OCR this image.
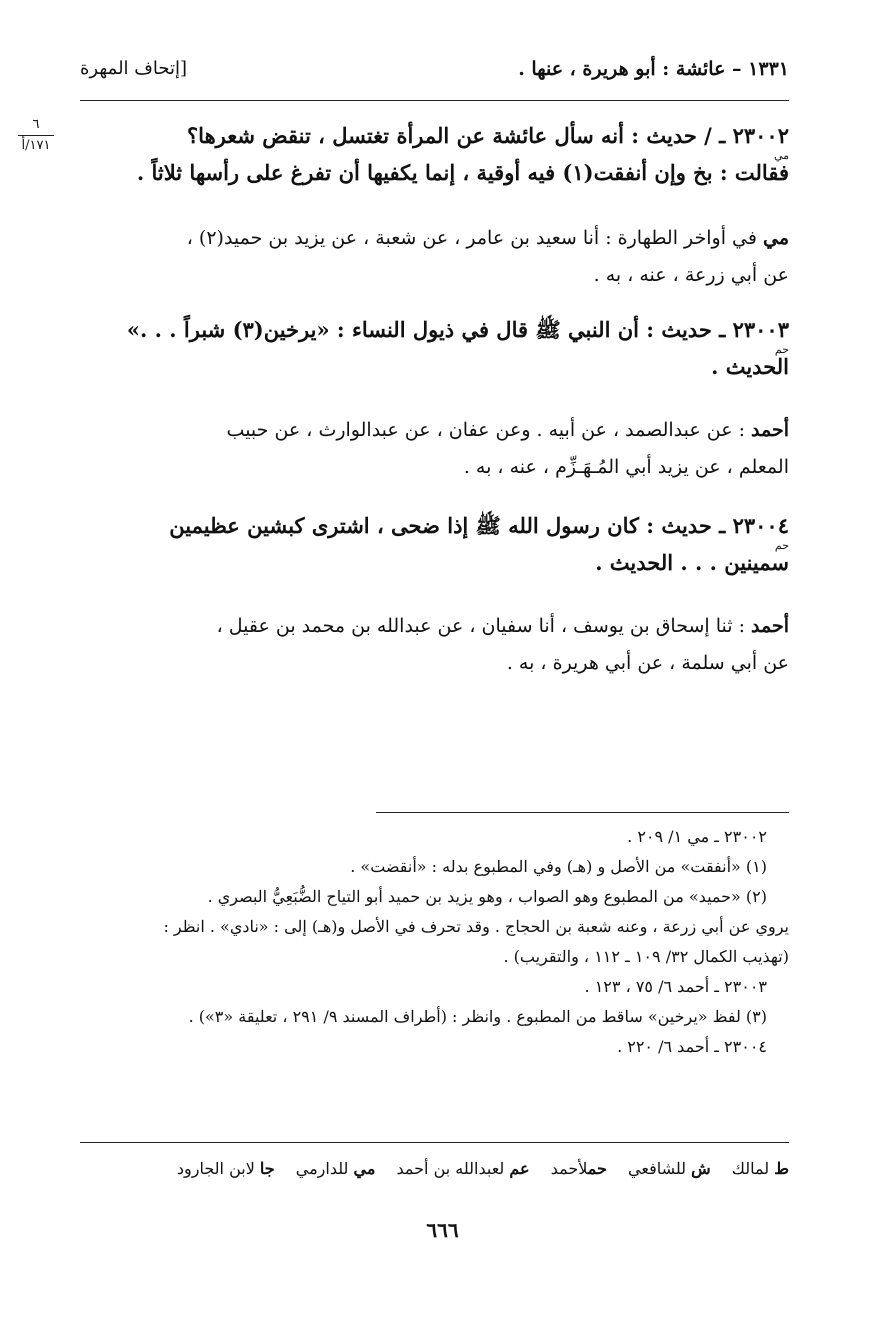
١٣٣١ – عائشة : أبو هريرة ، عنها .
[إتحاف المهرة
٦
١٧١/أ	٢٣٠٠٢ ـ / حديث : أنه سأل عائشة عن المرأة تغتسل ، تنقض شعرها؟
مي
فقالت : بخ وإن أنفقت(١) فيه أوقية ، إنما يكفيها أن تفرغ على رأسها ثلاثاً .
مي في أواخر الطهارة : أنا سعيد بن عامر ، عن شعبة ، عن يزيد بن حميد(٢) ،
عن أبي زرعة ، عنه ، به .
٢٣٠٠٣ ـ حديث : أن النبي ﷺ قال في ذيول النساء : «يرخين(٣) شبراً . . .»
حم
الحديث .
أحمد : عن عبدالصمد ، عن أبيه . وعن عفان ، عن عبدالوارث ، عن حبيب
المعلم ، عن يزيد أبي المُـهَـزِّم ، عنه ، به .
٢٣٠٠٤ ـ حديث : كان رسول الله ﷺ إذا ضحى ، اشترى كبشين عظيمين
حم
سمينين . . . الحديث .
أحمد : ثنا إسحاق بن يوسف ، أنا سفيان ، عن عبدالله بن محمد بن عقيل ،
عن أبي سلمة ، عن أبي هريرة ، به .
٢٣٠٠٢ ـ مي ١/ ٢٠٩ .
(١) «أنفقت» من الأصل و (هـ) وفي المطبوع بدله : «أنقضت» .
(٢) «حميد» من المطبوع وهو الصواب ، وهو يزيد بن حميد أبو التياح الضُّبَعِيُّ البصري .
يروي عن أبي زرعة ، وعنه شعبة بن الحجاج . وقد تحرف في الأصل و(هـ) إلى : «نادي» . انظر :
(تهذيب الكمال ٣٢/ ١٠٩ ـ ١١٢ ، والتقريب) .
٢٣٠٠٣ ـ أحمد ٦/ ٧٥ ، ١٢٣ .
(٣) لفظ «يرخين» ساقط من المطبوع . وانظر : (أطراف المسند ٩/ ٢٩١ ، تعليقة «٣») .
٢٣٠٠٤ ـ أحمد ٦/ ٢٢٠ .
ط لمالك ش للشافعي حملأحمد عم لعبدالله بن أحمد مي للدارمي جا لابن الجارود
٦٦٦
